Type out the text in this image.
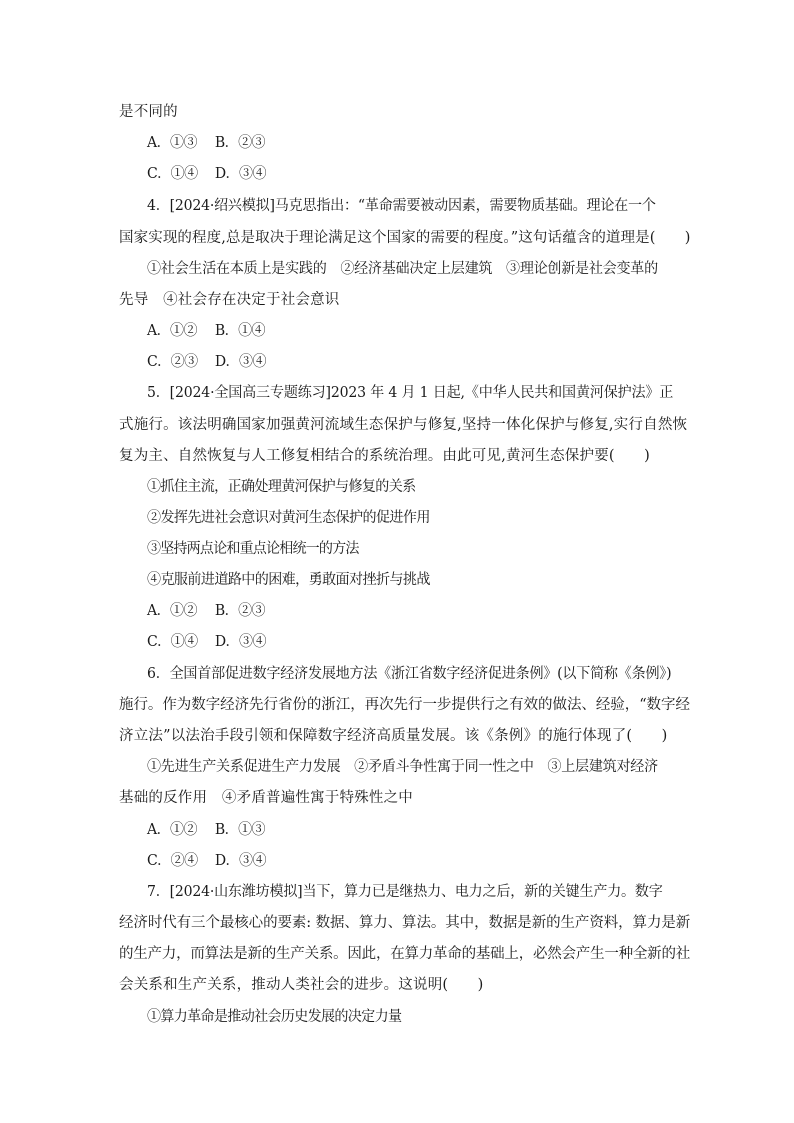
是不同的
A．①③ B．②③
C．①④ D．③④
4．[2024·绍兴模拟]马克思指出：“革命需要被动因素，需要物质基础。理论在一个
国家实现的程度,总是取决于理论满足这个国家的需要的程度。”这句话蕴含的道理是(　　)
①社会生活在本质上是实践的　②经济基础决定上层建筑　③理论创新是社会变革的
先导　④社会存在决定于社会意识
A．①② B．①④
C．②③ D．③④
5．[2024·全国高三专题练习]2023 年 4 月 1 日起,《中华人民共和国黄河保护法》正
式施行。该法明确国家加强黄河流域生态保护与修复,坚持一体化保护与修复,实行自然恢
复为主、自然恢复与人工修复相结合的系统治理。由此可见,黄河生态保护要(　　)
①抓住主流，正确处理黄河保护与修复的关系
②发挥先进社会意识对黄河生态保护的促进作用
③坚持两点论和重点论相统一的方法
④克服前进道路中的困难，勇敢面对挫折与挑战
A．①② B．②③
C．①④ D．③④
6．全国首部促进数字经济发展地方法《浙江省数字经济促进条例》(以下简称《条例》)
施行。作为数字经济先行省份的浙江，再次先行一步提供行之有效的做法、经验，“数字经
济立法”以法治手段引领和保障数字经济高质量发展。该《条例》的施行体现了(　　)
①先进生产关系促进生产力发展　②矛盾斗争性寓于同一性之中　③上层建筑对经济
基础的反作用　④矛盾普遍性寓于特殊性之中
A．①② B．①③
C．②④ D．③④
7．[2024·山东潍坊模拟]当下，算力已是继热力、电力之后，新的关键生产力。数字
经济时代有三个最核心的要素: 数据、算力、算法。其中，数据是新的生产资料，算力是新
的生产力，而算法是新的生产关系。因此，在算力革命的基础上，必然会产生一种全新的社
会关系和生产关系，推动人类社会的进步。这说明(　　)
①算力革命是推动社会历史发展的决定力量
